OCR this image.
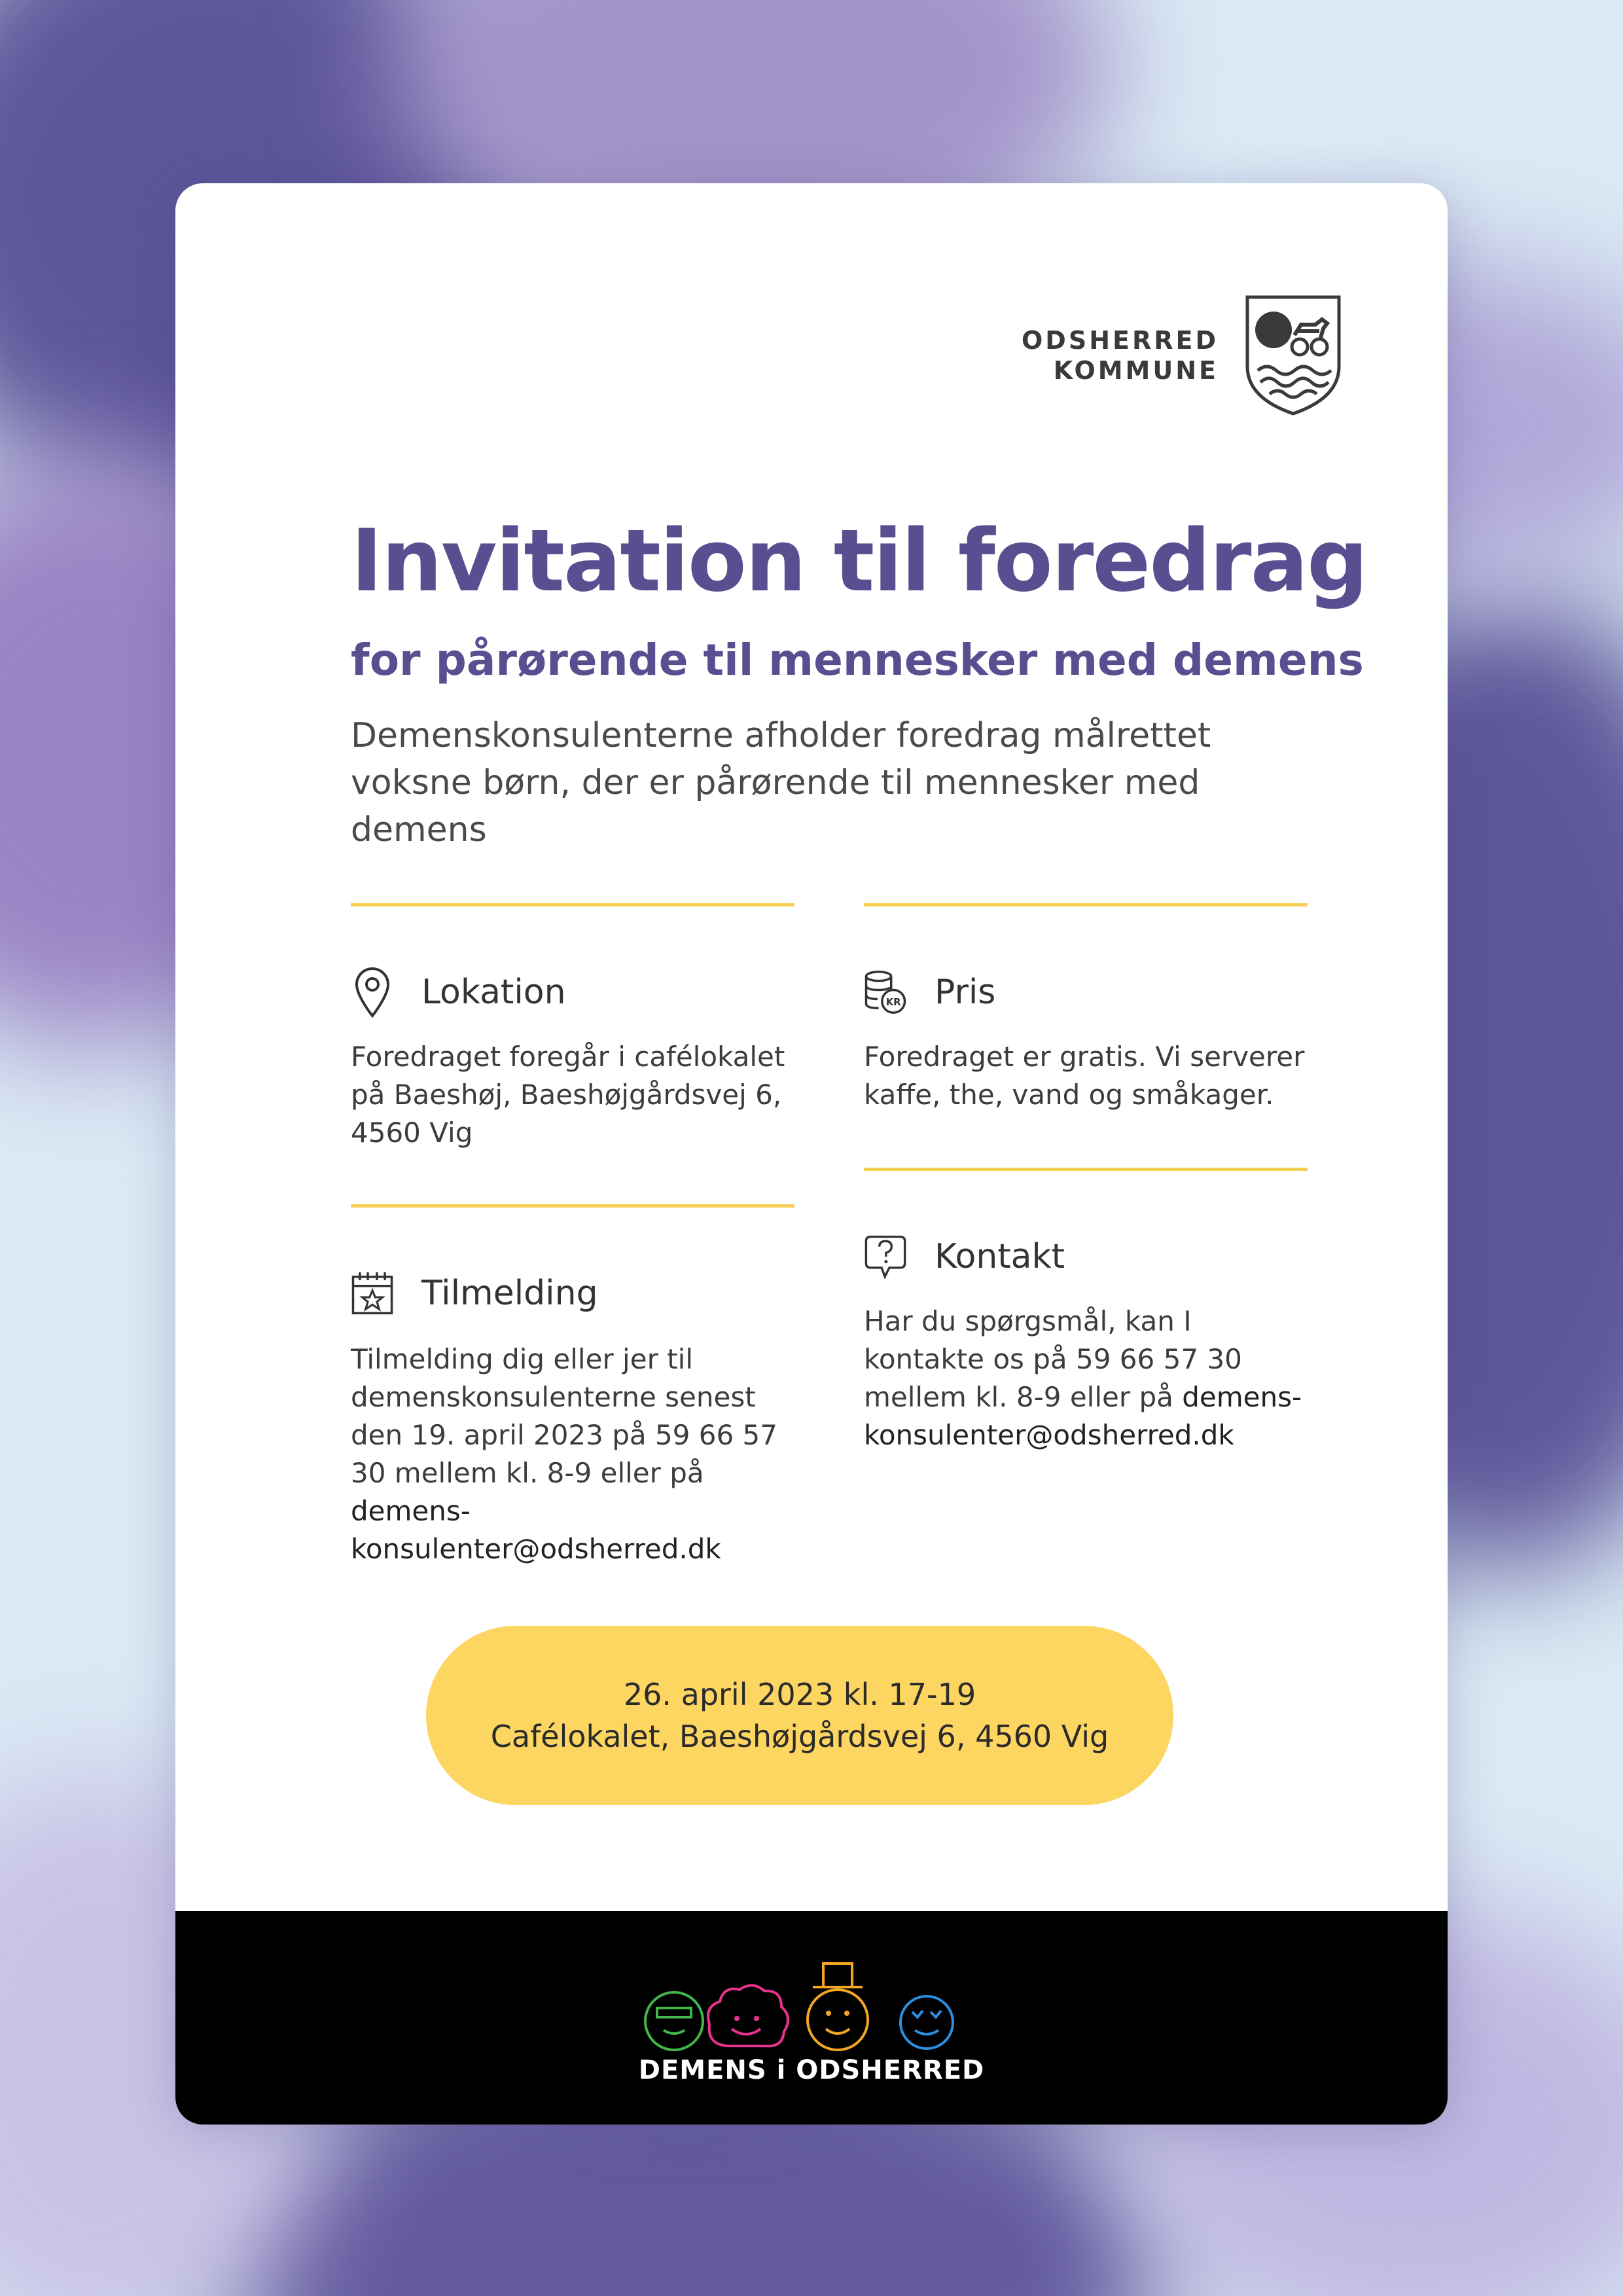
ODSHERRED
KOMMUNE
Invitation til foredrag
for pårørende til mennesker med demens

Demenskonsulenterne afholder foredrag målrettet voksne børn, der er pårørende til mennesker med demens

Lokation

Foredraget foregår i cafélokalet på Baeshøj, Baeshøjgårdsvej 6, 4560 Vig

Tilmelding

Tilmelding dig eller jer til demenskonsulenterne senest den 19. april 2023 på 59 66 57 30 mellem kl. 8-9 eller på demens-konsulenter@odsherred.dk

KR Pris

Foredraget er gratis. Vi serverer kaffe, the, vand og småkager.

Kontakt

Har du spørgsmål, kan I kontakte os på 59 66 57 30 mellem kl. 8-9 eller på demens-konsulenter@odsherred.dk

26. april 2023 kl. 17-19
Cafélokalet, Baeshøjgårdsvej 6, 4560 Vig
DEMENS i ODSHERRED
